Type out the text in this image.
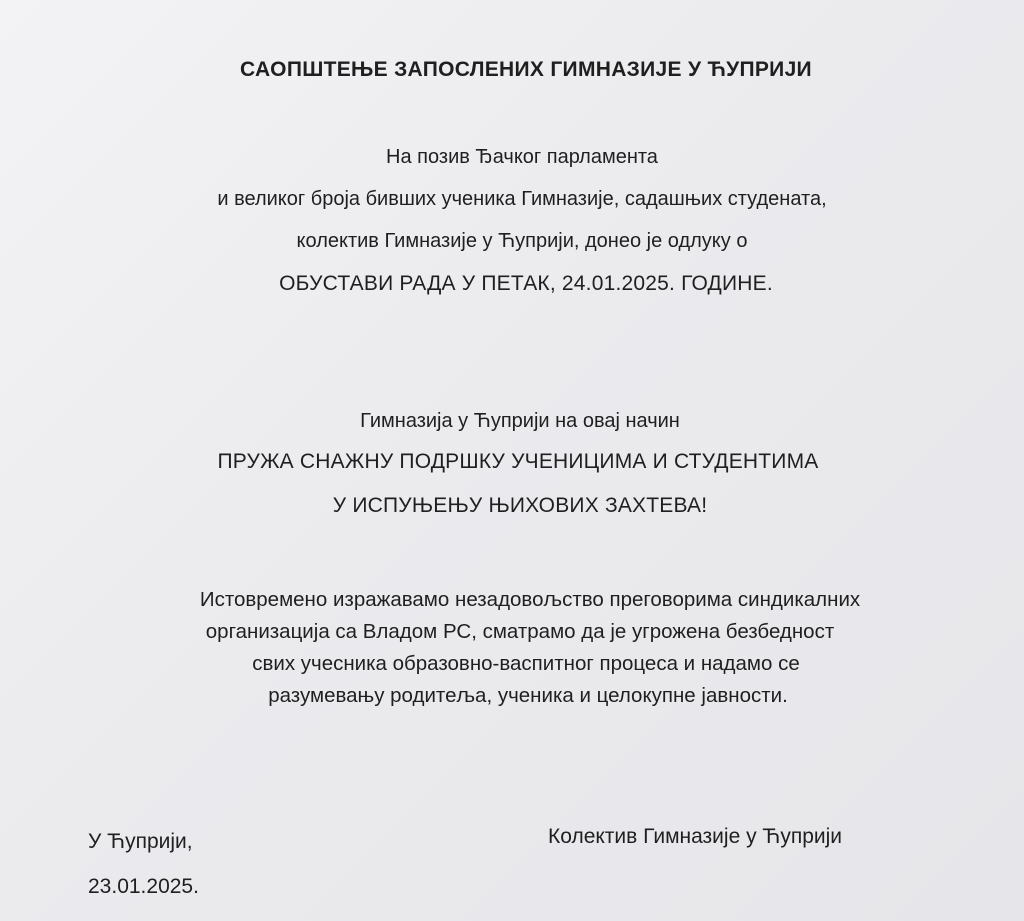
САОПШТЕЊЕ ЗАПОСЛЕНИХ ГИМНАЗИЈЕ У ЋУПРИЈИ
На позив Ђачког парламента
и великог броја бивших ученика Гимназије, садашњих студената,
колектив Гимназије у Ћуприји, донео је одлуку о
ОБУСТАВИ РАДА У ПЕТАК, 24.01.2025. ГОДИНЕ.
Гимназија у Ћуприји на овај начин
ПРУЖА СНАЖНУ ПОДРШКУ УЧЕНИЦИМА И СТУДЕНТИМА
У ИСПУЊЕЊУ ЊИХОВИХ ЗАХТЕВА!
Истовремено изражавамо незадовољство преговорима синдикалних
организација са Владом РС, сматрамо да је угрожена безбедност
свих учесника образовно-васпитног процеса и надамо се
разумевању родитеља, ученика и целокупне јавности.
У Ћуприји,
23.01.2025.
Колектив Гимназије у Ћуприји
